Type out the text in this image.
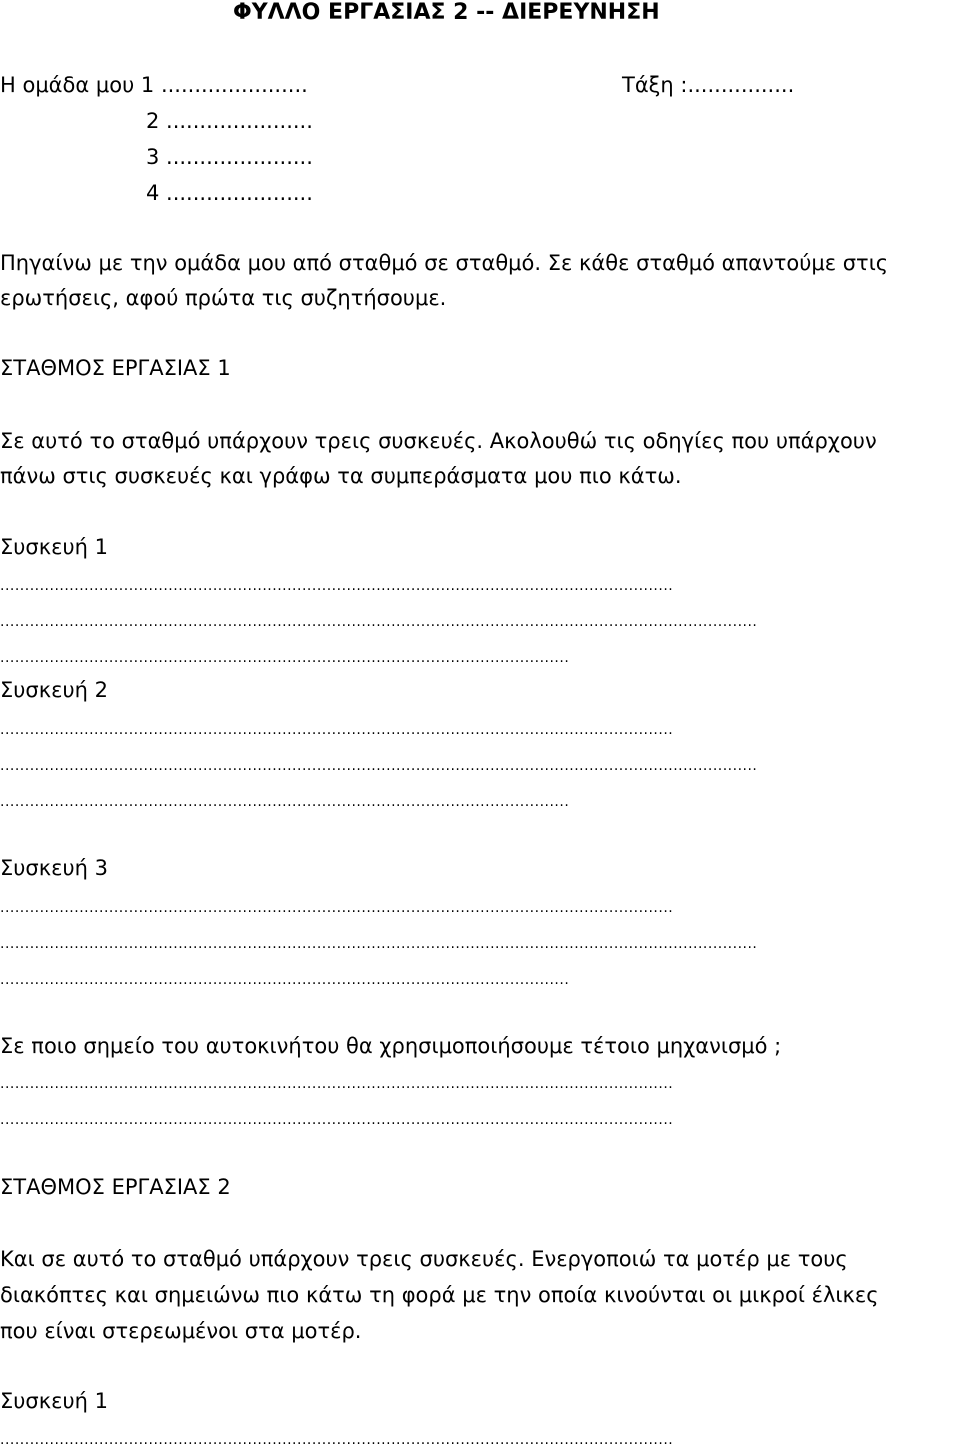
ΦΥΛΛΟ ΕΡΓΑΣΙΑΣ 2 -- ΔΙΕΡΕΥΝΗΣΗ
Η ομάδα μου 1 ......................	Τάξη :................
2 ......................
3 ......................
4 ......................
Πηγαίνω με την ομάδα μου από σταθμό σε σταθμό. Σε κάθε σταθμό απαντούμε στις
ερωτήσεις, αφού πρώτα τις συζητήσουμε.
ΣΤΑΘΜΟΣ ΕΡΓΑΣΙΑΣ 1
Σε αυτό το σταθμό υπάρχουν τρεις συσκευές. Ακολουθώ τις οδηγίες που υπάρχουν
πάνω στις συσκευές και γράφω τα συμπεράσματα μου πιο κάτω.
Συσκευή 1
........................................................................................................................................
.........................................................................................................................................................
...................................................................................................................
Συσκευή 2
........................................................................................................................................
.........................................................................................................................................................
...................................................................................................................
Συσκευή 3
........................................................................................................................................
.........................................................................................................................................................
...................................................................................................................
Σε ποιο σημείο του αυτοκινήτου θα χρησιμοποιήσουμε τέτοιο μηχανισμό ;
........................................................................................................................................
........................................................................................................................................
ΣΤΑΘΜΟΣ ΕΡΓΑΣΙΑΣ 2
Και σε αυτό το σταθμό υπάρχουν τρεις συσκευές. Ενεργοποιώ τα μοτέρ με τους
διακόπτες και σημειώνω πιο κάτω τη φορά με την οποία κινούνται οι μικροί έλικες
που είναι στερεωμένοι στα μοτέρ.
Συσκευή 1
........................................................................................................................................
